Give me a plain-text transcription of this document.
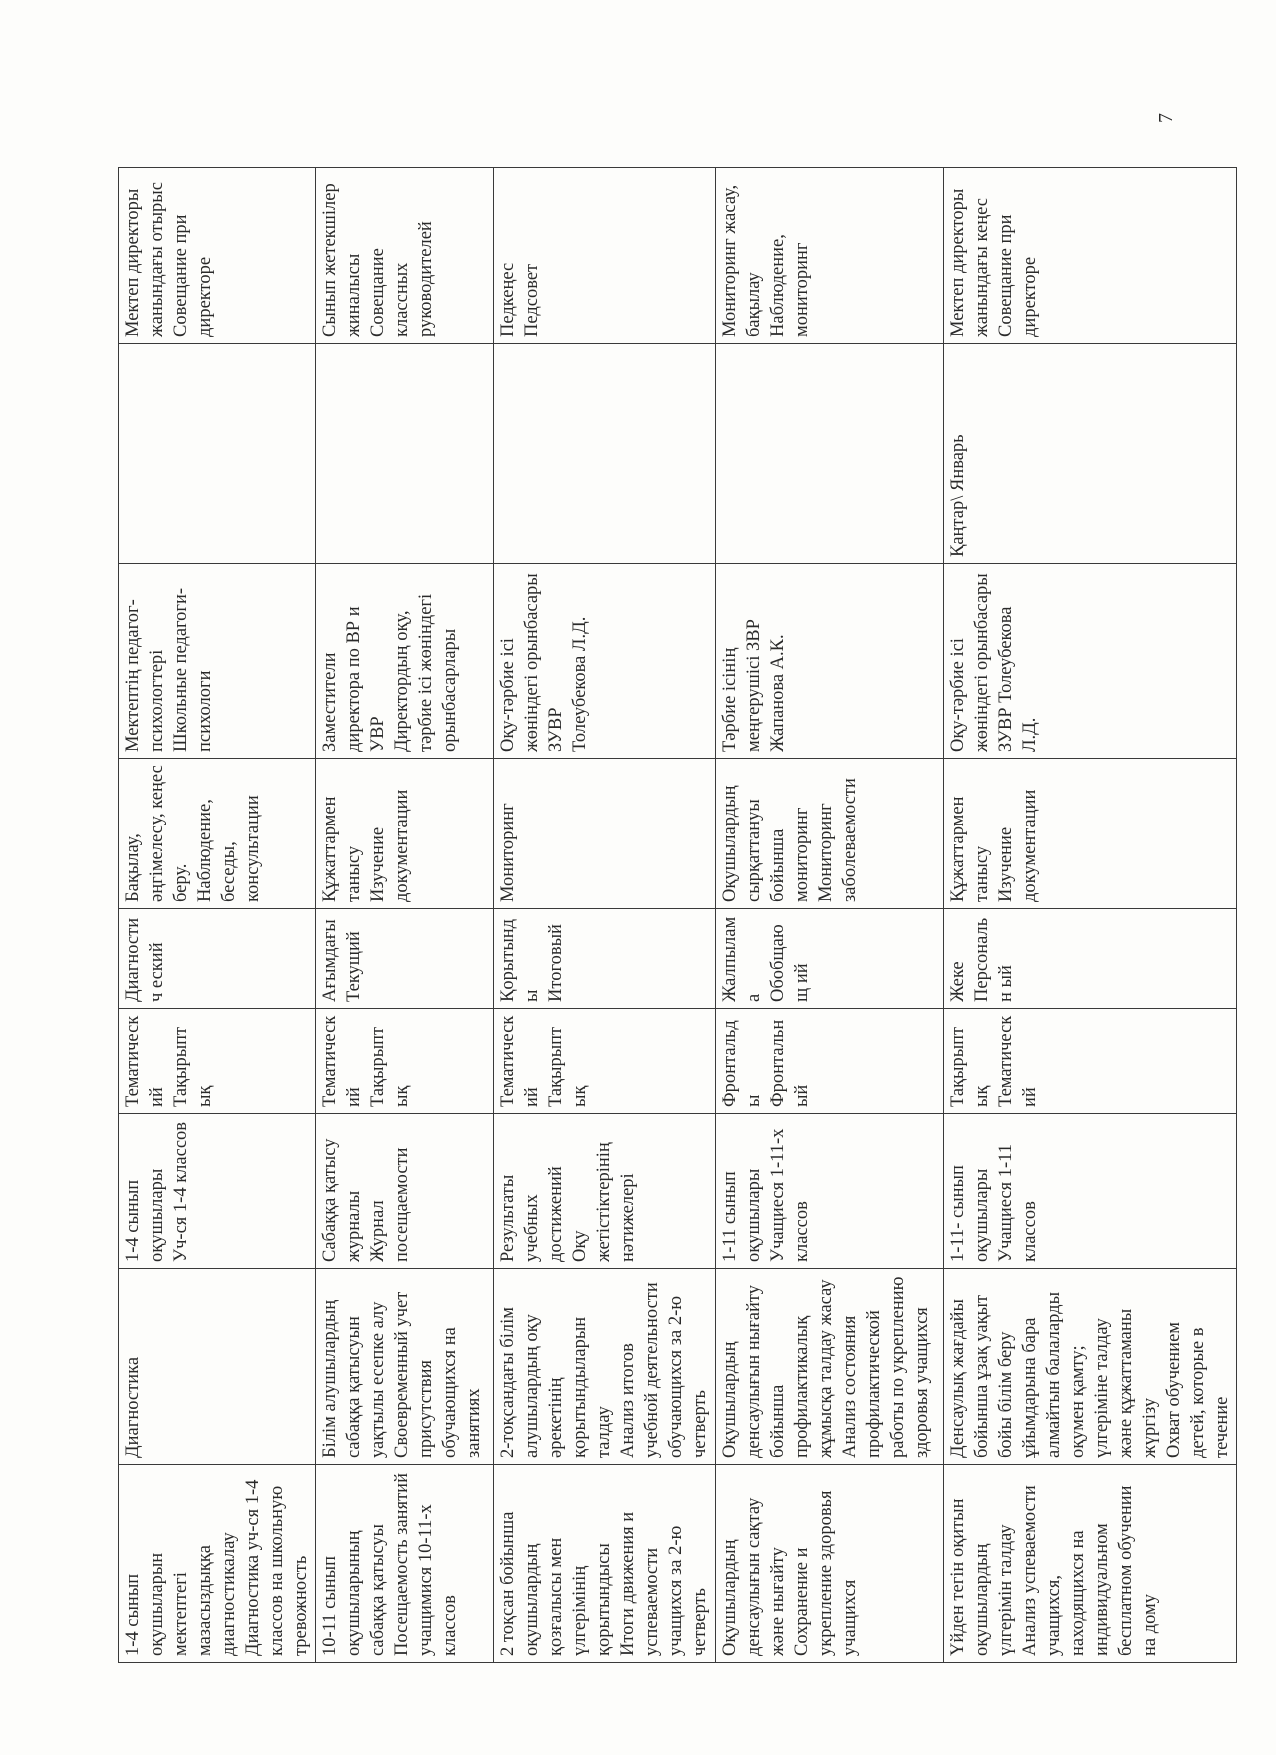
1-4 сынып оқушыларын мектептегі мазасыздыққа диагностикалау Диагностика уч-ся 1-4 классов на школьную тревожность	Диагностика	1-4 сынып оқушылары Уч-ся 1-4 классов	Тематический Тақырыптық	Диагностич еский	Бақылау, әңгімелесу, кеңес беру. Наблюдение, беседы, консультации	Мектептің педагог-психологтері Школьные педагоги-психологи		Мектеп директоры жанындағы отырыс Совещание при директоре

10-11 сынып оқушыларының сабаққа қатысуы Посещаемость занятий учащимися 10-11-х классов	Білім алушылардың сабаққа қатысуын уақтылы есепке алу Своевременный учет присутствия обучающихся на занятиях	Сабаққа қатысу журналы Журнал посещаемости	Тематический Тақырыптық	Ағымдағы Текущий	Құжаттармен танысу Изучение документации	Заместители директора по ВР и УВР Директордың оқу, тәрбие ісі жөніндегі орынбасарлары		Сынып жетекшілер жиналысы Совещание классных руководителей

2 тоқсан бойынша оқушылардың қозғалысы мен үлгерімінің қорытындысы Итоги движения и успеваемости учащихся за 2-ю четверть	2-тоқсандағы білім алушылардың оқу әрекетінің қорытындыларын талдау Анализ итогов учебной деятельности обучающихся за 2-ю четверть	Результаты учебных достижений Оқу жетістіктерінің нәтижелері	Тематический Тақырыптық	Қорытынды Итоговый	Мониторинг	Оқу-тәрбие ісі жөніндегі орынбасары ЗУВР Толеубекова Л.Д.		Педкеңес Педсовет

Оқушылардың денсаулығын сақтау және нығайту Сохранение и укрепление здоровья учащихся	Оқушылардың денсаулығын нығайту бойынша профилактикалық жұмысқа талдау жасау Анализ состояния профилактической работы по укреплению здоровья учащихся	1-11 сынып оқушылары Учащиеся 1-11-х классов	Фронтальды Фронтальный	Жалпылама Обобщающ ий	Оқушылардың сырқаттануы бойынша мониторинг Мониторинг заболеваемости	Тәрбие ісінің меңгерушісі ЗВР Жапанова А.К.		Мониторинг жасау, бақылау Наблюдение, мониторинг

Үйден тегін оқитын оқушылардың үлгерімін талдау Анализ успеваемости учащихся, находящихся на индивидуальном бесплатном обучении на дому	Денсаулық жағдайы бойынша ұзақ уақыт бойы білім беру ұйымдарына бара алмайтын балаларды оқумен қамту; үлгеріміне талдау және құжаттаманы жүргізу Охват обучением детей, которые в течение	1-11- сынып оқушылары Учащиеся 1-11 классов	Тақырыптық Тематический	Жеке Персональн ый	Құжаттармен танысу Изучение документации	Оқу-тәрбие ісі жөніндегі орынбасары ЗУВР Толеубекова Л.Д.	Қаңтар\ Январь	Мектеп директоры жанындағы кеңес Совещание при директоре
7
